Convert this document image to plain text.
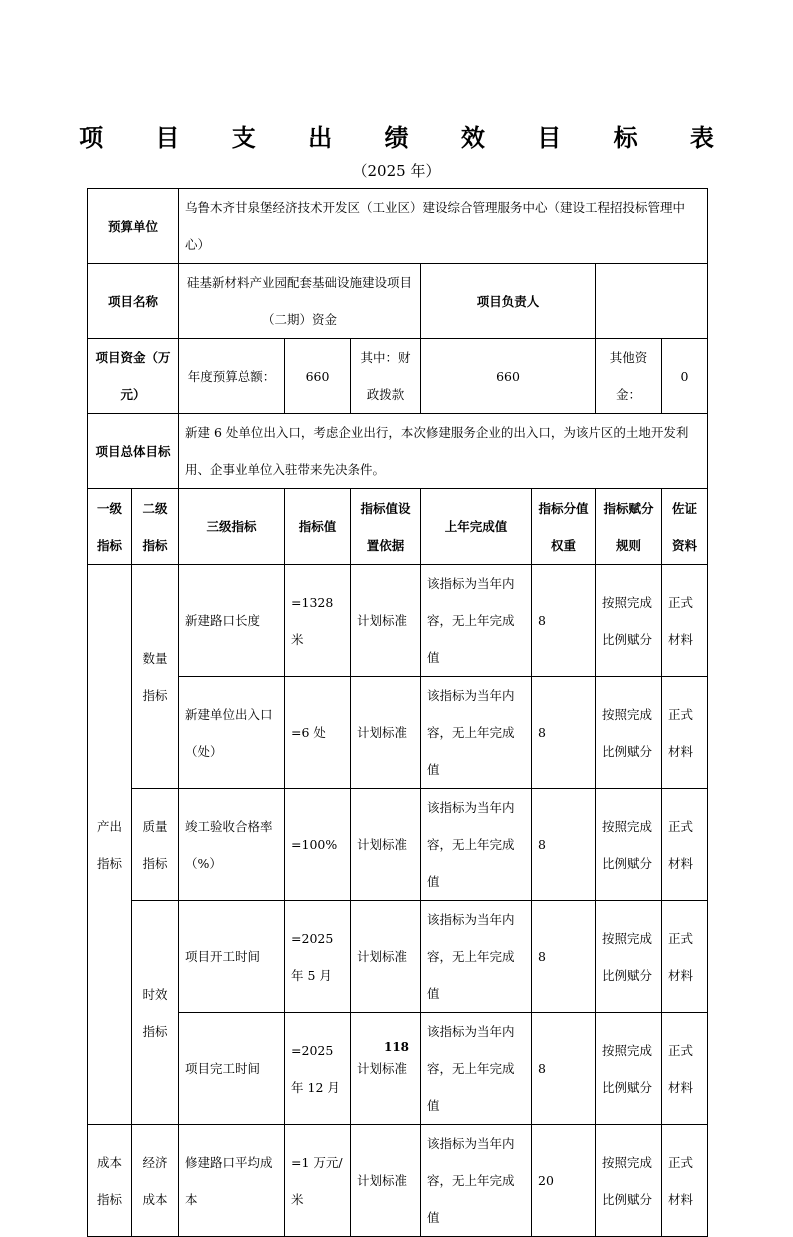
项 目 支 出 绩 效 目 标 表
（2025 年）
预算单位		乌鲁木齐甘泉堡经济技术开发区（工业区）建设综合管理服务中心（建设工程招投标管理中心）						
项目名称		硅基新材料产业园配套基础设施建设项目（二期）资金			项目负责人			
项目资金（万元）		年度预算总额：	660	其中：财政拨款	660		其他资金：	0
项目总体目标		新建 6 处单位出入口，考虑企业出行，本次修建服务企业的出入口，为该片区的土地开发利用、企事业单位入驻带来先决条件。						
一级指标	二级指标	三级指标	指标值	指标值设置依据	上年完成值	指标分值权重	指标赋分规则	佐证资料
产出指标	数量指标	新建路口长度	=1328 米	计划标准	该指标为当年内容，无上年完成值	8	按照完成比例赋分	正式材料
		新建单位出入口（处）	=6 处	计划标准	该指标为当年内容，无上年完成值	8	按照完成比例赋分	正式材料
	质量指标	竣工验收合格率（%）	=100%	计划标准	该指标为当年内容，无上年完成值	8	按照完成比例赋分	正式材料
	时效指标	项目开工时间	=2025 年 5 月	计划标准	该指标为当年内容，无上年完成值	8	按照完成比例赋分	正式材料
		项目完工时间	=2025 年 12 月	计划标准	该指标为当年内容，无上年完成值	8	按照完成比例赋分	正式材料
成本指标	经济成本	修建路口平均成本	=1 万元/米	计划标准	该指标为当年内容，无上年完成值	20	按照完成比例赋分	正式材料
118
